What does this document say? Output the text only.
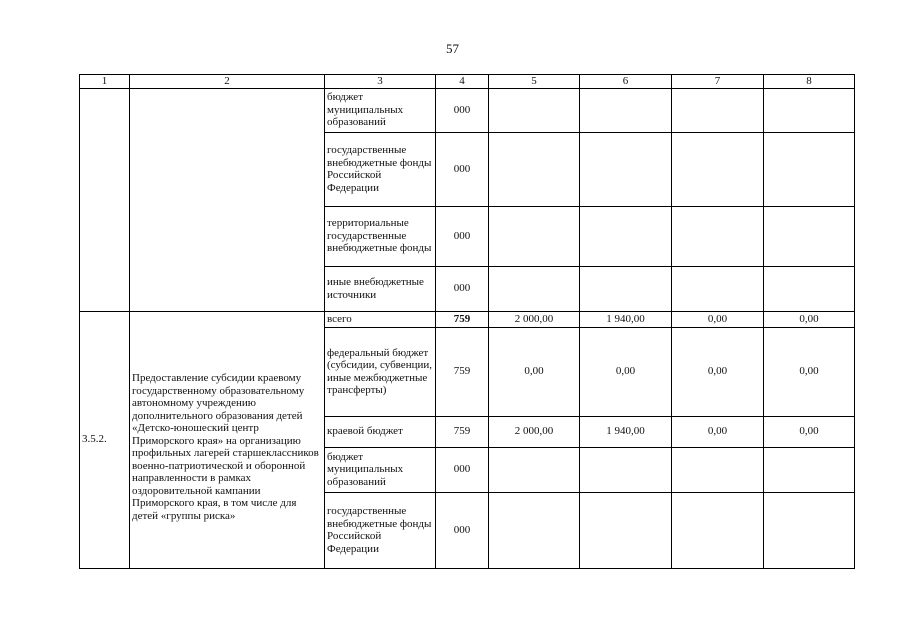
57
1	2	3	4	5	6	7	8
		бюджет муниципальных образований	000				
		государственные внебюджетные фонды Российской Федерации	000				
		территориальные государственные внебюджетные фонды	000				
		иные внебюджетные источники	000				
3.5.2.		всего	759	2 000,00	1 940,00	0,00	0,00
	Предоставление субсидии краевому государственному образовательному автономному учреждению дополнительного образования детей «Детско-юношеский центр Приморского края» на организацию профильных лагерей старшеклассников военно-патриотической и оборонной направленности в рамках оздоровительной кампании Приморского края, в том числе для детей «группы риска»	федеральный бюджет (субсидии, субвенции, иные межбюджетные трансферты)	759	0,00	0,00	0,00	0,00
		краевой бюджет	759	2 000,00	1 940,00	0,00	0,00
		бюджет муниципальных образований	000				
		государственные внебюджетные фонды Российской Федерации	000				
